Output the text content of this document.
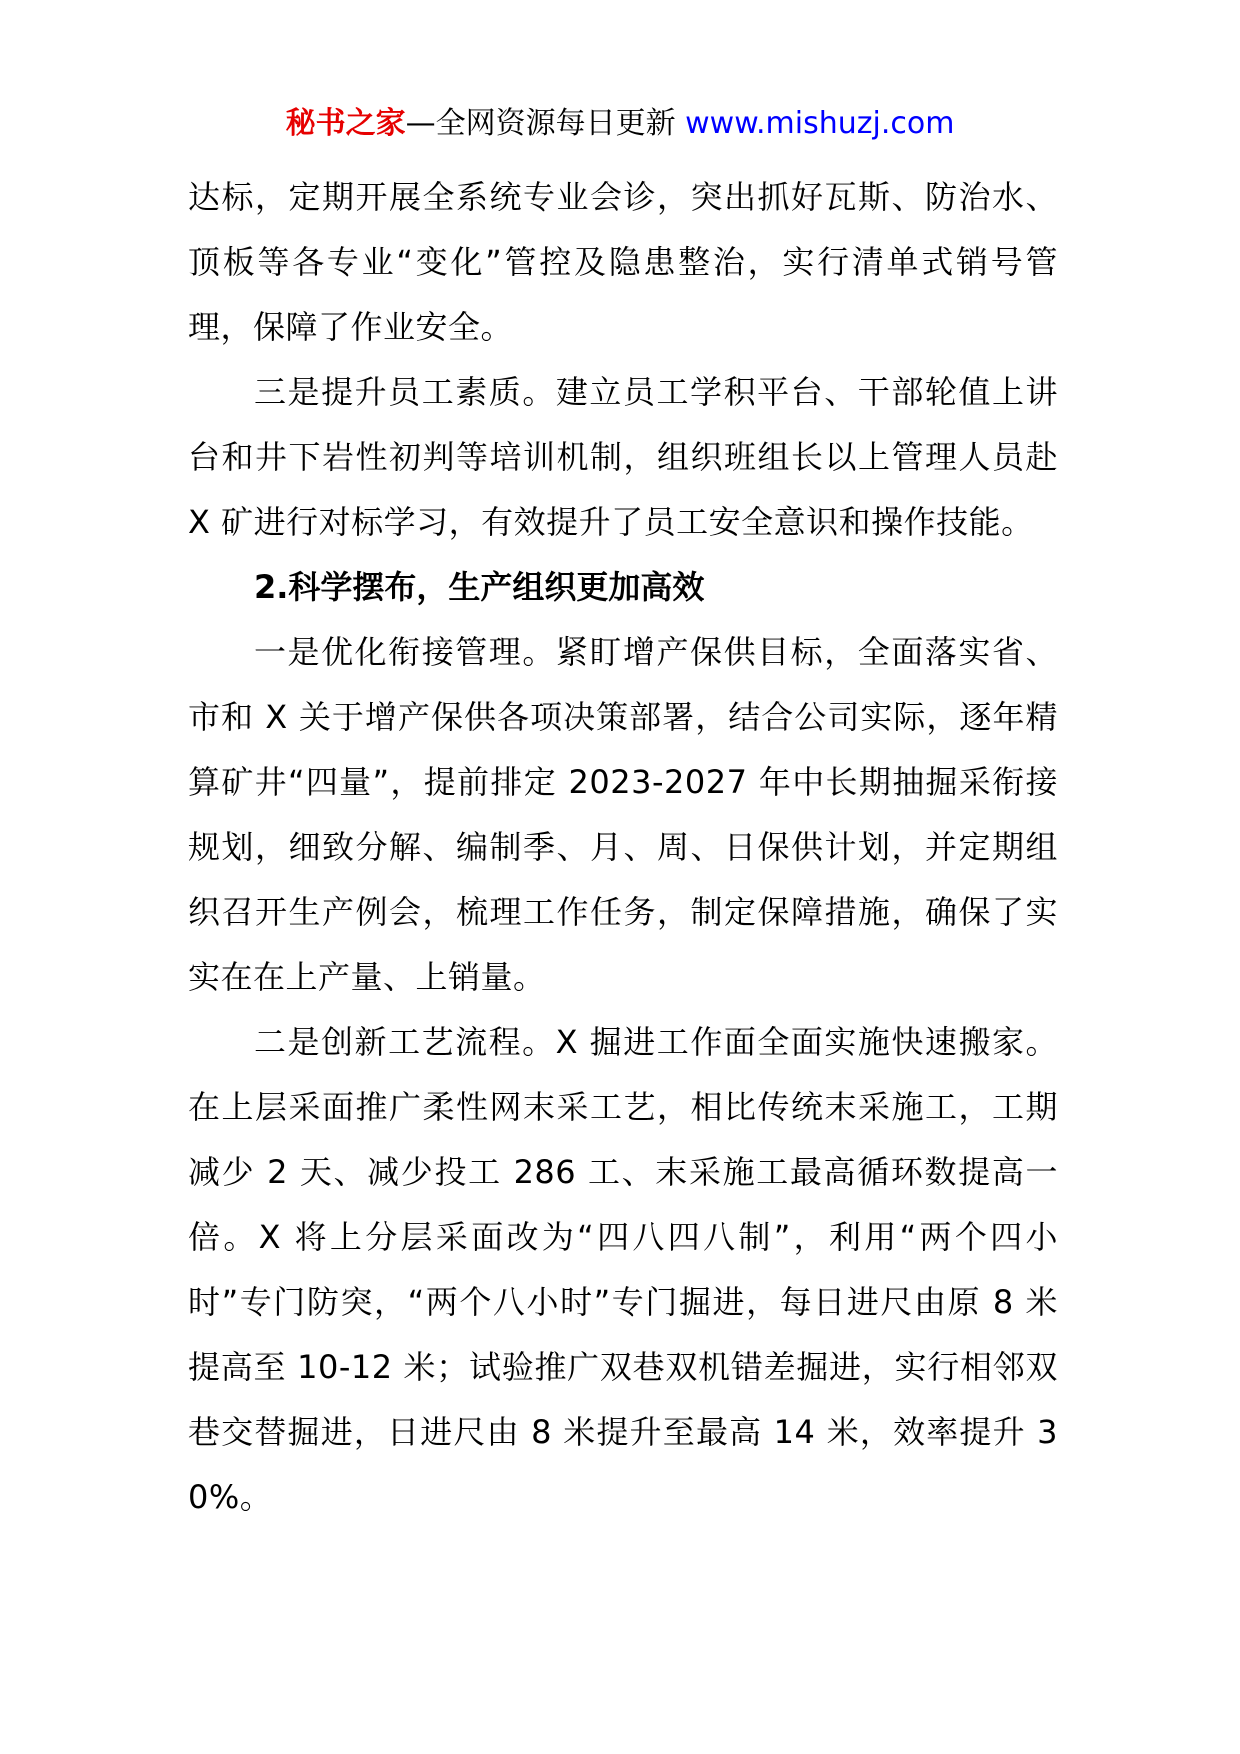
秘书之家—全网资源每日更新 www.mishuzj.com

达标，定期开展全系统专业会诊，突出抓好瓦斯、防治水、顶板等各专业“变化”管控及隐患整治，实行清单式销号管理，保障了作业安全。

三是提升员工素质。建立员工学积平台、干部轮值上讲台和井下岩性初判等培训机制，组织班组长以上管理人员赴 X 矿进行对标学习，有效提升了员工安全意识和操作技能。

2.科学摆布，生产组织更加高效

一是优化衔接管理。紧盯增产保供目标，全面落实省、市和 X 关于增产保供各项决策部署，结合公司实际，逐年精算矿井“四量”，提前排定 2023-2027 年中长期抽掘采衔接规划，细致分解、编制季、月、周、日保供计划，并定期组织召开生产例会，梳理工作任务，制定保障措施，确保了实实在在上产量、上销量。

二是创新工艺流程。X 掘进工作面全面实施快速搬家。在上层采面推广柔性网末采工艺，相比传统末采施工，工期减少 2 天、减少投工 286 工、末采施工最高循环数提高一倍。X 将上分层采面改为“四八四八制”，利用“两个四小时”专门防突，“两个八小时”专门掘进，每日进尺由原 8 米提高至 10-12 米；试验推广双巷双机错差掘进，实行相邻双巷交替掘进，日进尺由 8 米提升至最高 14 米，效率提升 30%。
